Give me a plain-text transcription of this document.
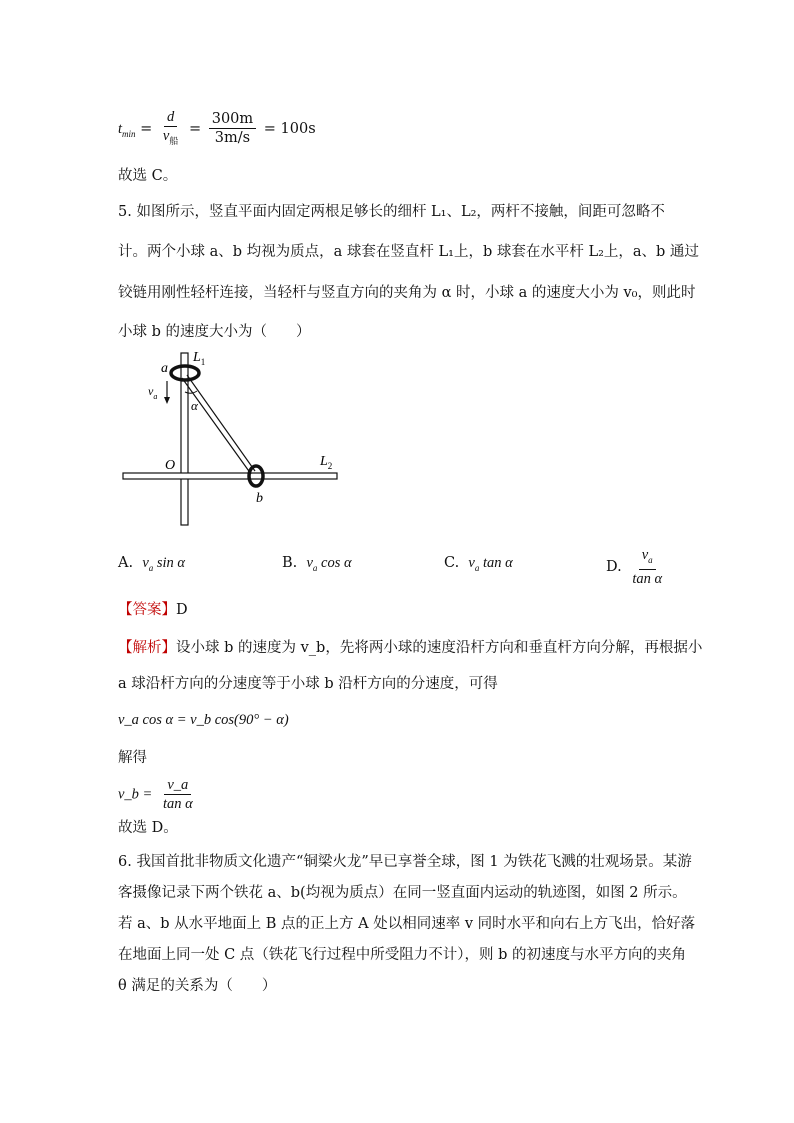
$t_{min} = \frac{d}{v_船} = \frac{300m}{3m/s} = 100s$
故选 C。
5. 如图所示，竖直平面内固定两根足够长的细杆 L₁、L₂，两杆不接触，间距可忽略不
计。两个小球 a、b 均视为质点，a 球套在竖直杆 L₁上，b 球套在水平杆 L₂上，a、b 通过
铰链用刚性轻杆连接，当轻杆与竖直方向的夹角为 α 时，小球 a 的速度大小为 v₀，则此时
小球 b 的速度大小为（　　）
$L_1$
a
$v_a$
α
O	$L_2$
b
A. $v_a$ sin α	B. $v_a$ cos α	C. $v_a$ tan α	D. $\frac{v_a}{\text{tan α}}$
【答案】D
【解析】设小球 b 的速度为 v_b，先将两小球的速度沿杆方向和垂直杆方向分解，再根据小
a 球沿杆方向的分速度等于小球 b 沿杆方向的分速度，可得
v_a cos α = v_b cos(90° − α)
解得
v_b = $\frac{v\_a}{\text{tan α}}$
故选 D。
6. 我国首批非物质文化遗产“铜梁火龙”早已享誉全球，图 1 为铁花飞溅的壮观场景。某游
客摄像记录下两个铁花 a、b(均视为质点）在同一竖直面内运动的轨迹图，如图 2 所示。
若 a、b 从水平地面上 B 点的正上方 A 处以相同速率 v 同时水平和向右上方飞出，恰好落
在地面上同一处 C 点（铁花飞行过程中所受阻力不计），则 b 的初速度与水平方向的夹角
θ 满足的关系为（　　）
